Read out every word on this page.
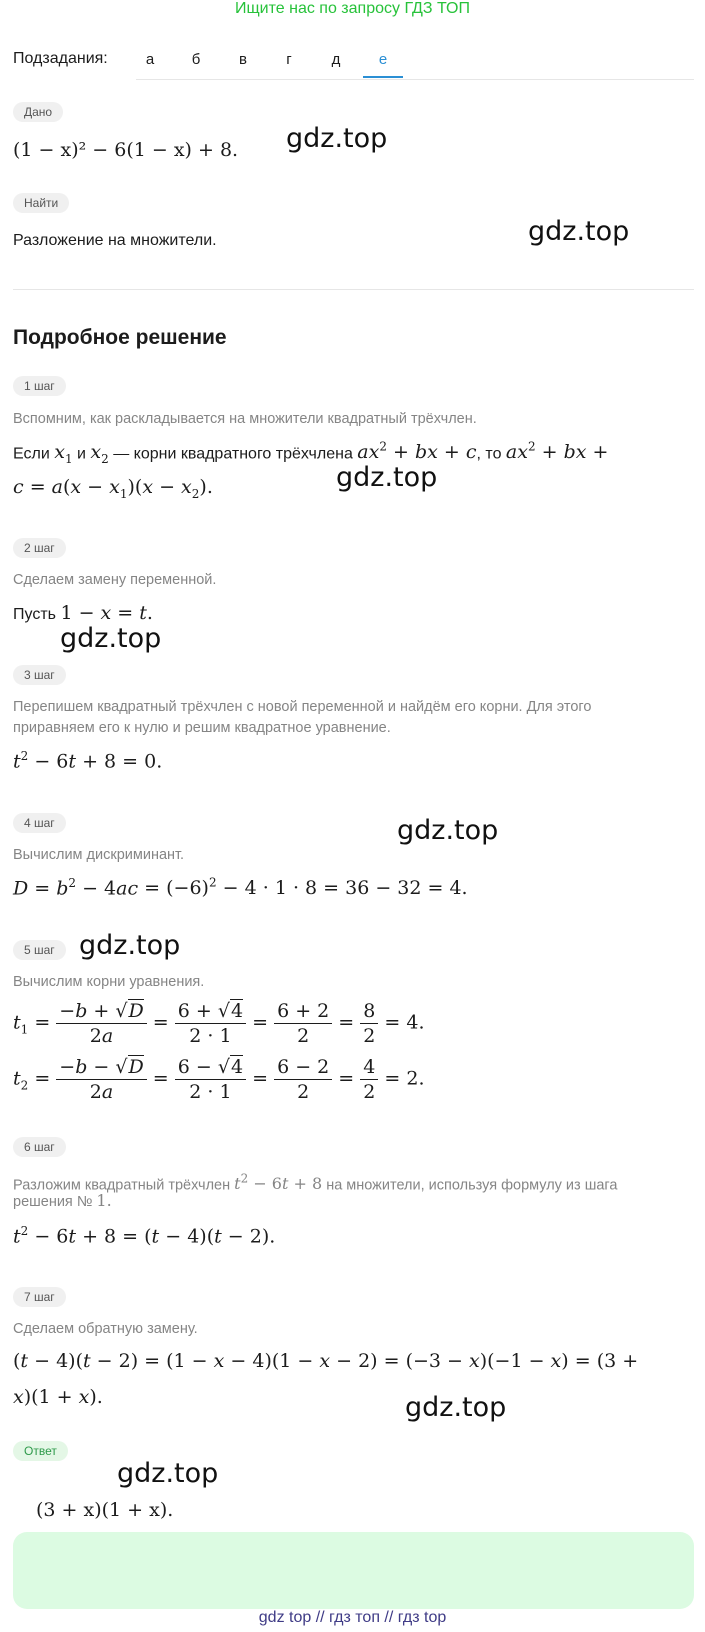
Ищите нас по запросу ГДЗ ТОП
Подзадания:	а	б	в	г	д	е
Дано
(1 − x)² − 6(1 − x) + 8. gdz.top
Найти
Разложение на множители.	gdz.top
Подробное решение
1 шаг
Вспомним, как раскладывается на множители квадратный трёхчлен.
Если $x_1$ и $x_2$ — корни квадратного трёхчлена $ax^2$ + bx + c, то $ax^2$ + bx +
$c = a(x - x_1)(x - x_2)$.	gdz.top
2 шаг
Сделаем замену переменной.
Пусть 1 − x = t.
gdz.top
3 шаг
Перепишем квадратный трёхчлен с новой переменной и найдём его корни. Для этого
приравняем его к нулю и решим квадратное уравнение.
$t^2 - 6t + 8 = 0$.
gdz.top
4 шаг
Вычислим дискриминант.
$D = b^2 - 4ac = (-6)^2 - 4 \cdot 1 \cdot 8 = 36 - 32 = 4$.
5 шаг gdz.top
Вычислим корни уравнения.
$t_1 = \frac{-b + √D}{2a} = \frac{6 + √4}{2 \cdot 1} = \frac{6 + 2}{2} = \frac{8}{2} = 4$.
$t_2 = \frac{-b - √D}{2a} = \frac{6 - √4}{2 \cdot 1} = \frac{6 - 2}{2} = \frac{4}{2} = 2$.
6 шаг
Разложим квадратный трёхчлен $t^2 - 6t + 8$ на множители, используя формулу из шага
решения № 1.
$t^2 - 6t + 8 = (t - 4)(t - 2)$.
7 шаг
Сделаем обратную замену.
(t − 4)(t − 2) = (1 − x − 4)(1 − x − 2) = (−3 − x)(−1 − x) = (3 +
x)(1 + x).	gdz.top
Ответ
(3 + x)(1 + x).
gdz.top
gdz top // гдз топ // гдз top
